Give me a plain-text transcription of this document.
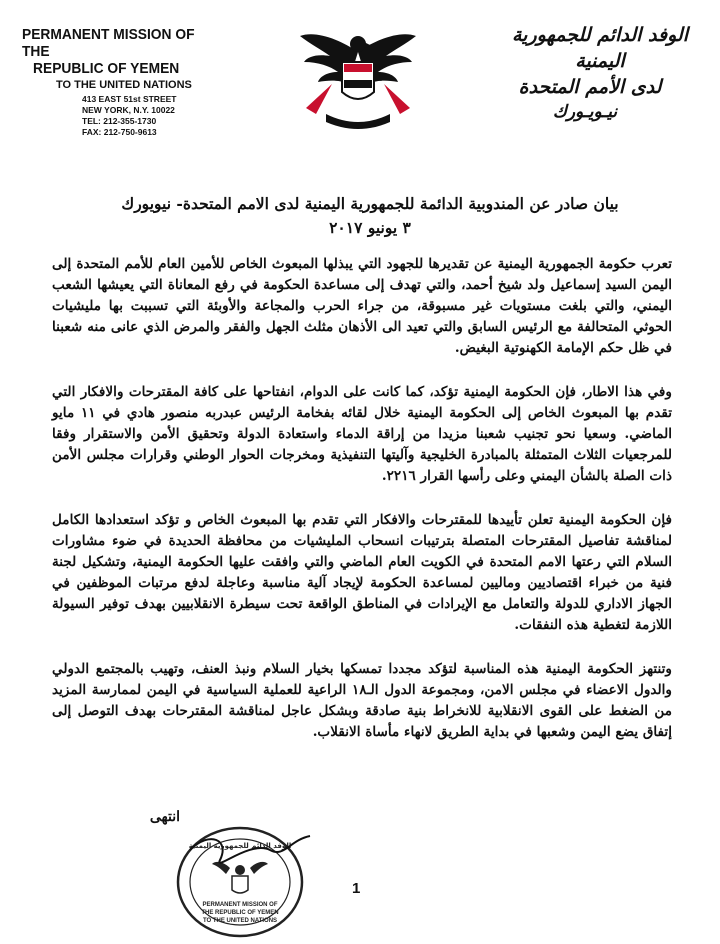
PERMANENT MISSION OF THE
REPUBLIC OF YEMEN
TO THE UNITED NATIONS
413 EAST 51st STREET
NEW YORK, N.Y. 10022
TEL: 212-355-1730
FAX: 212-750-9613
الوفد الدائم للجمهورية اليمنية
لدى الأمم المتحدة
نيـويـورك
بيان صادر عن المندوبية الدائمة للجمهورية اليمنية لدى الامم المتحدة- نيويورك
٣ يونيو ٢٠١٧

تعرب حكومة الجمهورية اليمنية عن تقديرها للجهود التي يبذلها المبعوث الخاص للأمين العام للأمم المتحدة إلى اليمن السيد إسماعيل ولد شيخ أحمد، والتي تهدف إلى مساعدة الحكومة في رفع المعاناة التي يعيشها الشعب اليمني، والتي بلغت مستويات غير مسبوقة، من جراء الحرب والمجاعة والأوبئة التي تسببت بها مليشيات الحوثي المتحالفة مع الرئيس السابق والتي تعيد الى الأذهان مثلث الجهل والفقر والمرض الذي عانى منه شعبنا في ظل حكم الإمامة الكهنوتية البغيض.

وفي هذا الاطار، فإن الحكومة اليمنية تؤكد، كما كانت على الدوام، انفتاحها على كافة المقترحات والافكار التي تقدم بها المبعوث الخاص إلى الحكومة اليمنية خلال لقائه بفخامة الرئيس عبدربه منصور هادي في ١١ مايو الماضي. وسعيا نحو تجنيب شعبنا مزيدا من إراقة الدماء واستعادة الدولة وتحقيق الأمن والاستقرار وفقا للمرجعيات الثلاث المتمثلة بالمبادرة الخليجية وآليتها التنفيذية ومخرجات الحوار الوطني وقرارات مجلس الأمن ذات الصلة بالشأن اليمني وعلى رأسها القرار ٢٢١٦.

فإن الحكومة اليمنية تعلن تأييدها للمقترحات والافكار التي تقدم بها المبعوث الخاص و تؤكد استعدادها الكامل لمناقشة تفاصيل المقترحات المتصلة بترتيبات انسحاب المليشيات من محافظة الحديدة في ضوء مشاورات السلام التي رعتها الامم المتحدة في الكويت العام الماضي والتي وافقت عليها الحكومة اليمنية، وتشكيل لجنة فنية من خبراء اقتصاديين وماليين لمساعدة الحكومة لإيجاد آلية مناسبة وعاجلة لدفع مرتبات الموظفين في الجهاز الاداري للدولة والتعامل مع الإيرادات في المناطق الواقعة تحت سيطرة الانقلابيين بهدف توفير السيولة اللازمة لتغطية هذه النفقات.

وتنتهز الحكومة اليمنية هذه المناسبة لتؤكد مجددا تمسكها بخيار السلام ونبذ العنف، وتهيب بالمجتمع الدولي والدول الاعضاء في مجلس الامن، ومجموعة الدول الـ١٨ الراعية للعملية السياسية في اليمن لممارسة المزيد من الضغط على القوى الانقلابية للانخراط بنية صادقة وبشكل عاجل لمناقشة المقترحات بهدف التوصل إلى إتفاق يضع اليمن وشعبها في بداية الطريق لانهاء مأساة الانقلاب.

انتهى
PERMANENT MISSION OF
THE REPUBLIC OF YEMEN
TO THE UNITED NATIONS
الوفد الدائم للجمهورية اليمنية
1
